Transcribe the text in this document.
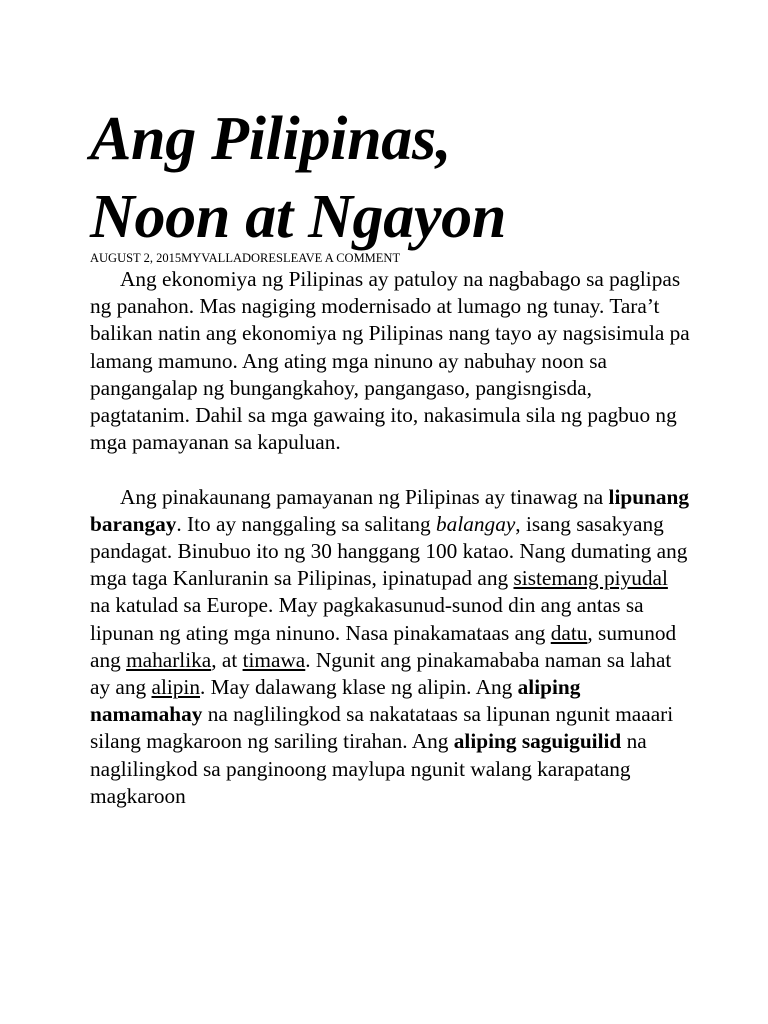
Ang Pilipinas,
Noon at Ngayon
AUGUST 2, 2015MYVALLADORESLEAVE A COMMENT

Ang ekonomiya ng Pilipinas ay patuloy na nagbabago sa paglipas ng panahon. Mas nagiging modernisado at lumago ng tunay. Tara’t balikan natin ang ekonomiya ng Pilipinas nang tayo ay nagsisimula pa lamang mamuno. Ang ating mga ninuno ay nabuhay noon sa pangangalap ng bungangkahoy, pangangaso, pangisngisda, pagtatanim. Dahil sa mga gawaing ito, nakasimula sila ng pagbuo ng mga pamayanan sa kapuluan.

Ang pinakaunang pamayanan ng Pilipinas ay tinawag na lipunang barangay. Ito ay nanggaling sa salitang balangay, isang sasakyang pandagat. Binubuo ito ng 30 hanggang 100 katao. Nang dumating ang mga taga Kanluranin sa Pilipinas, ipinatupad ang sistemang piyudal na katulad sa Europe. May pagkakasunud-sunod din ang antas sa lipunan ng ating mga ninuno. Nasa pinakamataas ang datu, sumunod ang maharlika, at timawa. Ngunit ang pinakamababa naman sa lahat ay ang alipin. May dalawang klase ng alipin. Ang aliping namamahay na naglilingkod sa nakatataas sa lipunan ngunit maaari silang magkaroon ng sariling tirahan. Ang aliping saguiguilid na naglilingkod sa panginoong maylupa ngunit walang karapatang magkaroon
